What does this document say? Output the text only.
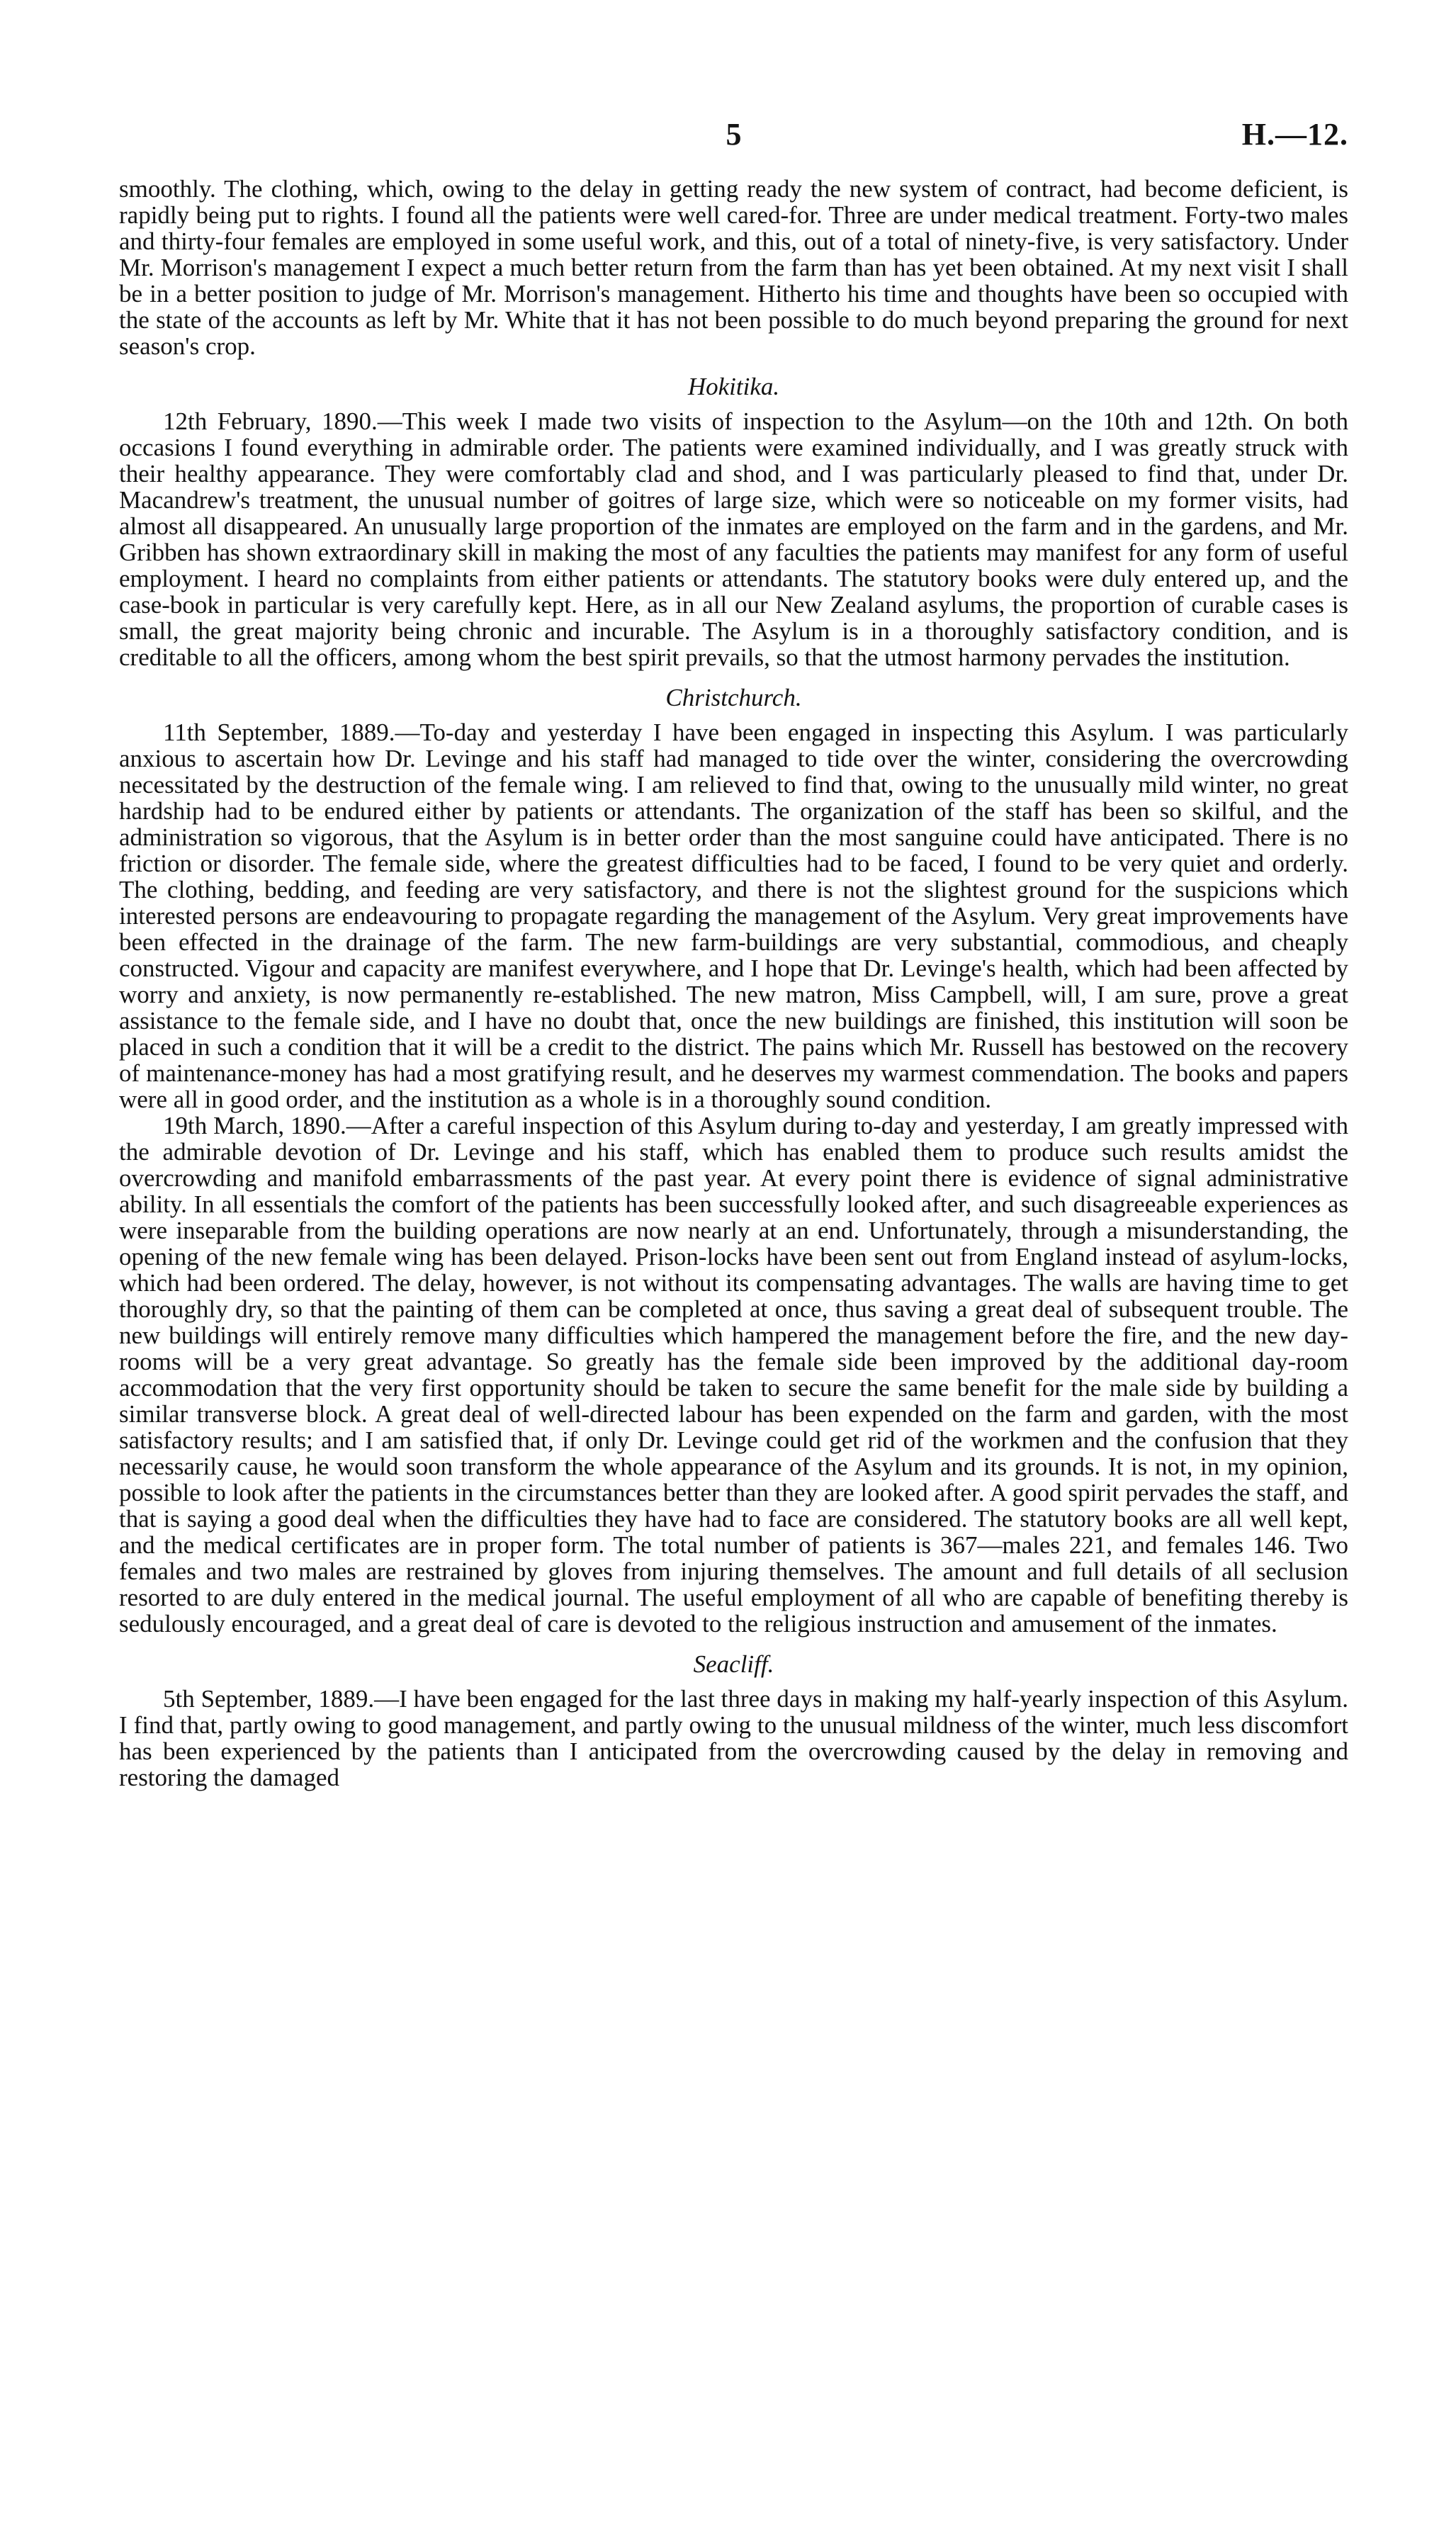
5	H.—12.

smoothly. The clothing, which, owing to the delay in getting ready the new system of contract, had become deficient, is rapidly being put to rights. I found all the patients were well cared-for. Three are under medical treatment. Forty-two males and thirty-four females are employed in some useful work, and this, out of a total of ninety-five, is very satisfactory. Under Mr. Morrison's management I expect a much better return from the farm than has yet been obtained. At my next visit I shall be in a better position to judge of Mr. Morrison's management. Hitherto his time and thoughts have been so occupied with the state of the accounts as left by Mr. White that it has not been possible to do much beyond preparing the ground for next season's crop.

Hokitika.

12th February, 1890.—This week I made two visits of inspection to the Asylum—on the 10th and 12th. On both occasions I found everything in admirable order. The patients were examined individually, and I was greatly struck with their healthy appearance. They were comfortably clad and shod, and I was particularly pleased to find that, under Dr. Macandrew's treatment, the unusual number of goitres of large size, which were so noticeable on my former visits, had almost all disappeared. An unusually large proportion of the inmates are employed on the farm and in the gardens, and Mr. Gribben has shown extraordinary skill in making the most of any faculties the patients may manifest for any form of useful employment. I heard no complaints from either patients or attendants. The statutory books were duly entered up, and the case-book in particular is very carefully kept. Here, as in all our New Zealand asylums, the proportion of curable cases is small, the great majority being chronic and incurable. The Asylum is in a thoroughly satisfactory condition, and is creditable to all the officers, among whom the best spirit prevails, so that the utmost harmony pervades the institution.

Christchurch.

11th September, 1889.—To-day and yesterday I have been engaged in inspecting this Asylum. I was particularly anxious to ascertain how Dr. Levinge and his staff had managed to tide over the winter, considering the overcrowding necessitated by the destruction of the female wing. I am relieved to find that, owing to the unusually mild winter, no great hardship had to be endured either by patients or attendants. The organization of the staff has been so skilful, and the administration so vigorous, that the Asylum is in better order than the most sanguine could have anticipated. There is no friction or disorder. The female side, where the greatest difficulties had to be faced, I found to be very quiet and orderly. The clothing, bedding, and feeding are very satisfactory, and there is not the slightest ground for the suspicions which interested persons are endeavouring to propagate regarding the management of the Asylum. Very great improvements have been effected in the drainage of the farm. The new farm-buildings are very substantial, commodious, and cheaply constructed. Vigour and capacity are manifest everywhere, and I hope that Dr. Levinge's health, which had been affected by worry and anxiety, is now permanently re-established. The new matron, Miss Campbell, will, I am sure, prove a great assistance to the female side, and I have no doubt that, once the new buildings are finished, this institution will soon be placed in such a condition that it will be a credit to the district. The pains which Mr. Russell has bestowed on the recovery of maintenance-money has had a most gratifying result, and he deserves my warmest commendation. The books and papers were all in good order, and the institution as a whole is in a thoroughly sound condition.

19th March, 1890.—After a careful inspection of this Asylum during to-day and yesterday, I am greatly impressed with the admirable devotion of Dr. Levinge and his staff, which has enabled them to produce such results amidst the overcrowding and manifold embarrassments of the past year. At every point there is evidence of signal administrative ability. In all essentials the comfort of the patients has been successfully looked after, and such disagreeable experiences as were inseparable from the building operations are now nearly at an end. Unfortunately, through a misunderstanding, the opening of the new female wing has been delayed. Prison-locks have been sent out from England instead of asylum-locks, which had been ordered. The delay, however, is not without its compensating advantages. The walls are having time to get thoroughly dry, so that the painting of them can be completed at once, thus saving a great deal of subsequent trouble. The new buildings will entirely remove many difficulties which hampered the management before the fire, and the new day-rooms will be a very great advantage. So greatly has the female side been improved by the additional day-room accommodation that the very first opportunity should be taken to secure the same benefit for the male side by building a similar transverse block. A great deal of well-directed labour has been expended on the farm and garden, with the most satisfactory results; and I am satisfied that, if only Dr. Levinge could get rid of the workmen and the confusion that they necessarily cause, he would soon transform the whole appearance of the Asylum and its grounds. It is not, in my opinion, possible to look after the patients in the circumstances better than they are looked after. A good spirit pervades the staff, and that is saying a good deal when the difficulties they have had to face are considered. The statutory books are all well kept, and the medical certificates are in proper form. The total number of patients is 367—males 221, and females 146. Two females and two males are restrained by gloves from injuring themselves. The amount and full details of all seclusion resorted to are duly entered in the medical journal. The useful employment of all who are capable of benefiting thereby is sedulously encouraged, and a great deal of care is devoted to the religious instruction and amusement of the inmates.

Seacliff.

5th September, 1889.—I have been engaged for the last three days in making my half-yearly inspection of this Asylum. I find that, partly owing to good management, and partly owing to the unusual mildness of the winter, much less discomfort has been experienced by the patients than I anticipated from the overcrowding caused by the delay in removing and restoring the damaged
